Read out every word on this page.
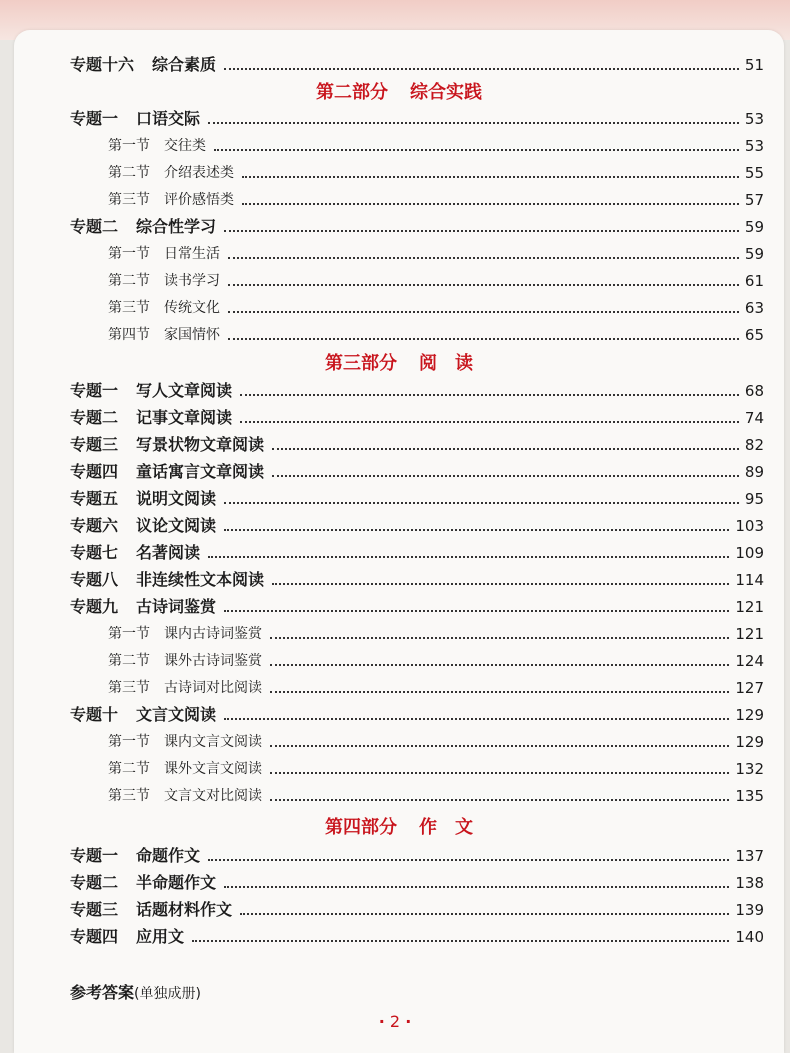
专题十六 综合素质	51
第二部分 综合实践
专题一 口语交际	53
第一节 交往类	53
第二节 介绍表述类	55
第三节 评价感悟类	57
专题二 综合性学习	59
第一节 日常生活	59
第二节 读书学习	61
第三节 传统文化	63
第四节 家国情怀	65
第三部分 阅　读
专题一 写人文章阅读	68
专题二 记事文章阅读	74
专题三 写景状物文章阅读	82
专题四 童话寓言文章阅读	89
专题五 说明文阅读	95
专题六 议论文阅读	103
专题七 名著阅读	109
专题八 非连续性文本阅读	114
专题九 古诗词鉴赏	121
第一节 课内古诗词鉴赏	121
第二节 课外古诗词鉴赏	124
第三节 古诗词对比阅读	127
专题十 文言文阅读	129
第一节 课内文言文阅读	129
第二节 课外文言文阅读	132
第三节 文言文对比阅读	135
第四部分 作　文
专题一 命题作文	137
专题二 半命题作文	138
专题三 话题材料作文	139
专题四 应用文	140
参考答案(单独成册)
· 2 ·
